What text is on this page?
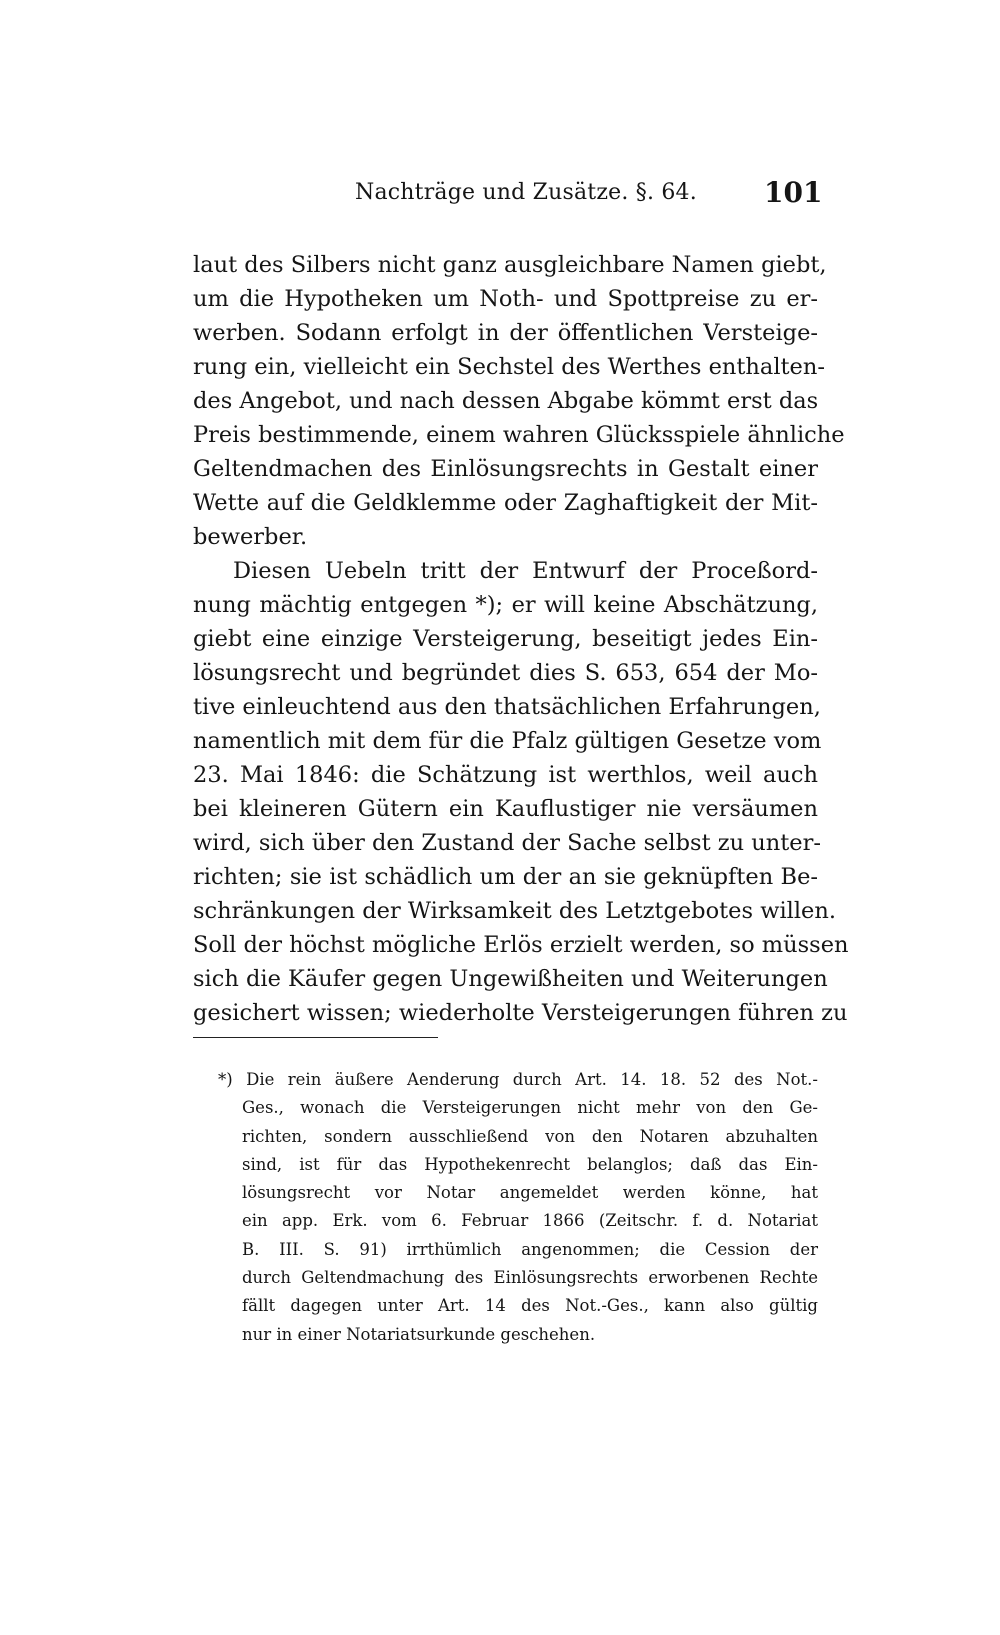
Nachträge und Zusätze. §. 64. 101
laut des Silbers nicht ganz ausgleichbare Namen giebt,
um die Hypotheken um Noth- und Spottpreise zu er-
werben. Sodann erfolgt in der öffentlichen Versteige-
rung ein, vielleicht ein Sechstel des Werthes enthalten-
des Angebot, und nach dessen Abgabe kömmt erst das
Preis bestimmende, einem wahren Glücksspiele ähnliche
Geltendmachen des Einlösungsrechts in Gestalt einer
Wette auf die Geldklemme oder Zaghaftigkeit der Mit-
bewerber.
Diesen Uebeln tritt der Entwurf der Proceßord-
nung mächtig entgegen *); er will keine Abschätzung,
giebt eine einzige Versteigerung, beseitigt jedes Ein-
lösungsrecht und begründet dies S. 653, 654 der Mo-
tive einleuchtend aus den thatsächlichen Erfahrungen,
namentlich mit dem für die Pfalz gültigen Gesetze vom
23. Mai 1846: die Schätzung ist werthlos, weil auch
bei kleineren Gütern ein Kauflustiger nie versäumen
wird, sich über den Zustand der Sache selbst zu unter-
richten; sie ist schädlich um der an sie geknüpften Be-
schränkungen der Wirksamkeit des Letztgebotes willen.
Soll der höchst mögliche Erlös erzielt werden, so müssen
sich die Käufer gegen Ungewißheiten und Weiterungen
gesichert wissen; wiederholte Versteigerungen führen zu
*) Die rein äußere Aenderung durch Art. 14. 18. 52 des Not.-
Ges., wonach die Versteigerungen nicht mehr von den Ge-
richten, sondern ausschließend von den Notaren abzuhalten
sind, ist für das Hypothekenrecht belanglos; daß das Ein-
lösungsrecht vor Notar angemeldet werden könne, hat
ein app. Erk. vom 6. Februar 1866 (Zeitschr. f. d. Notariat
B. III. S. 91) irrthümlich angenommen; die Cession der
durch Geltendmachung des Einlösungsrechts erworbenen Rechte
fällt dagegen unter Art. 14 des Not.-Ges., kann also gültig
nur in einer Notariatsurkunde geschehen.
